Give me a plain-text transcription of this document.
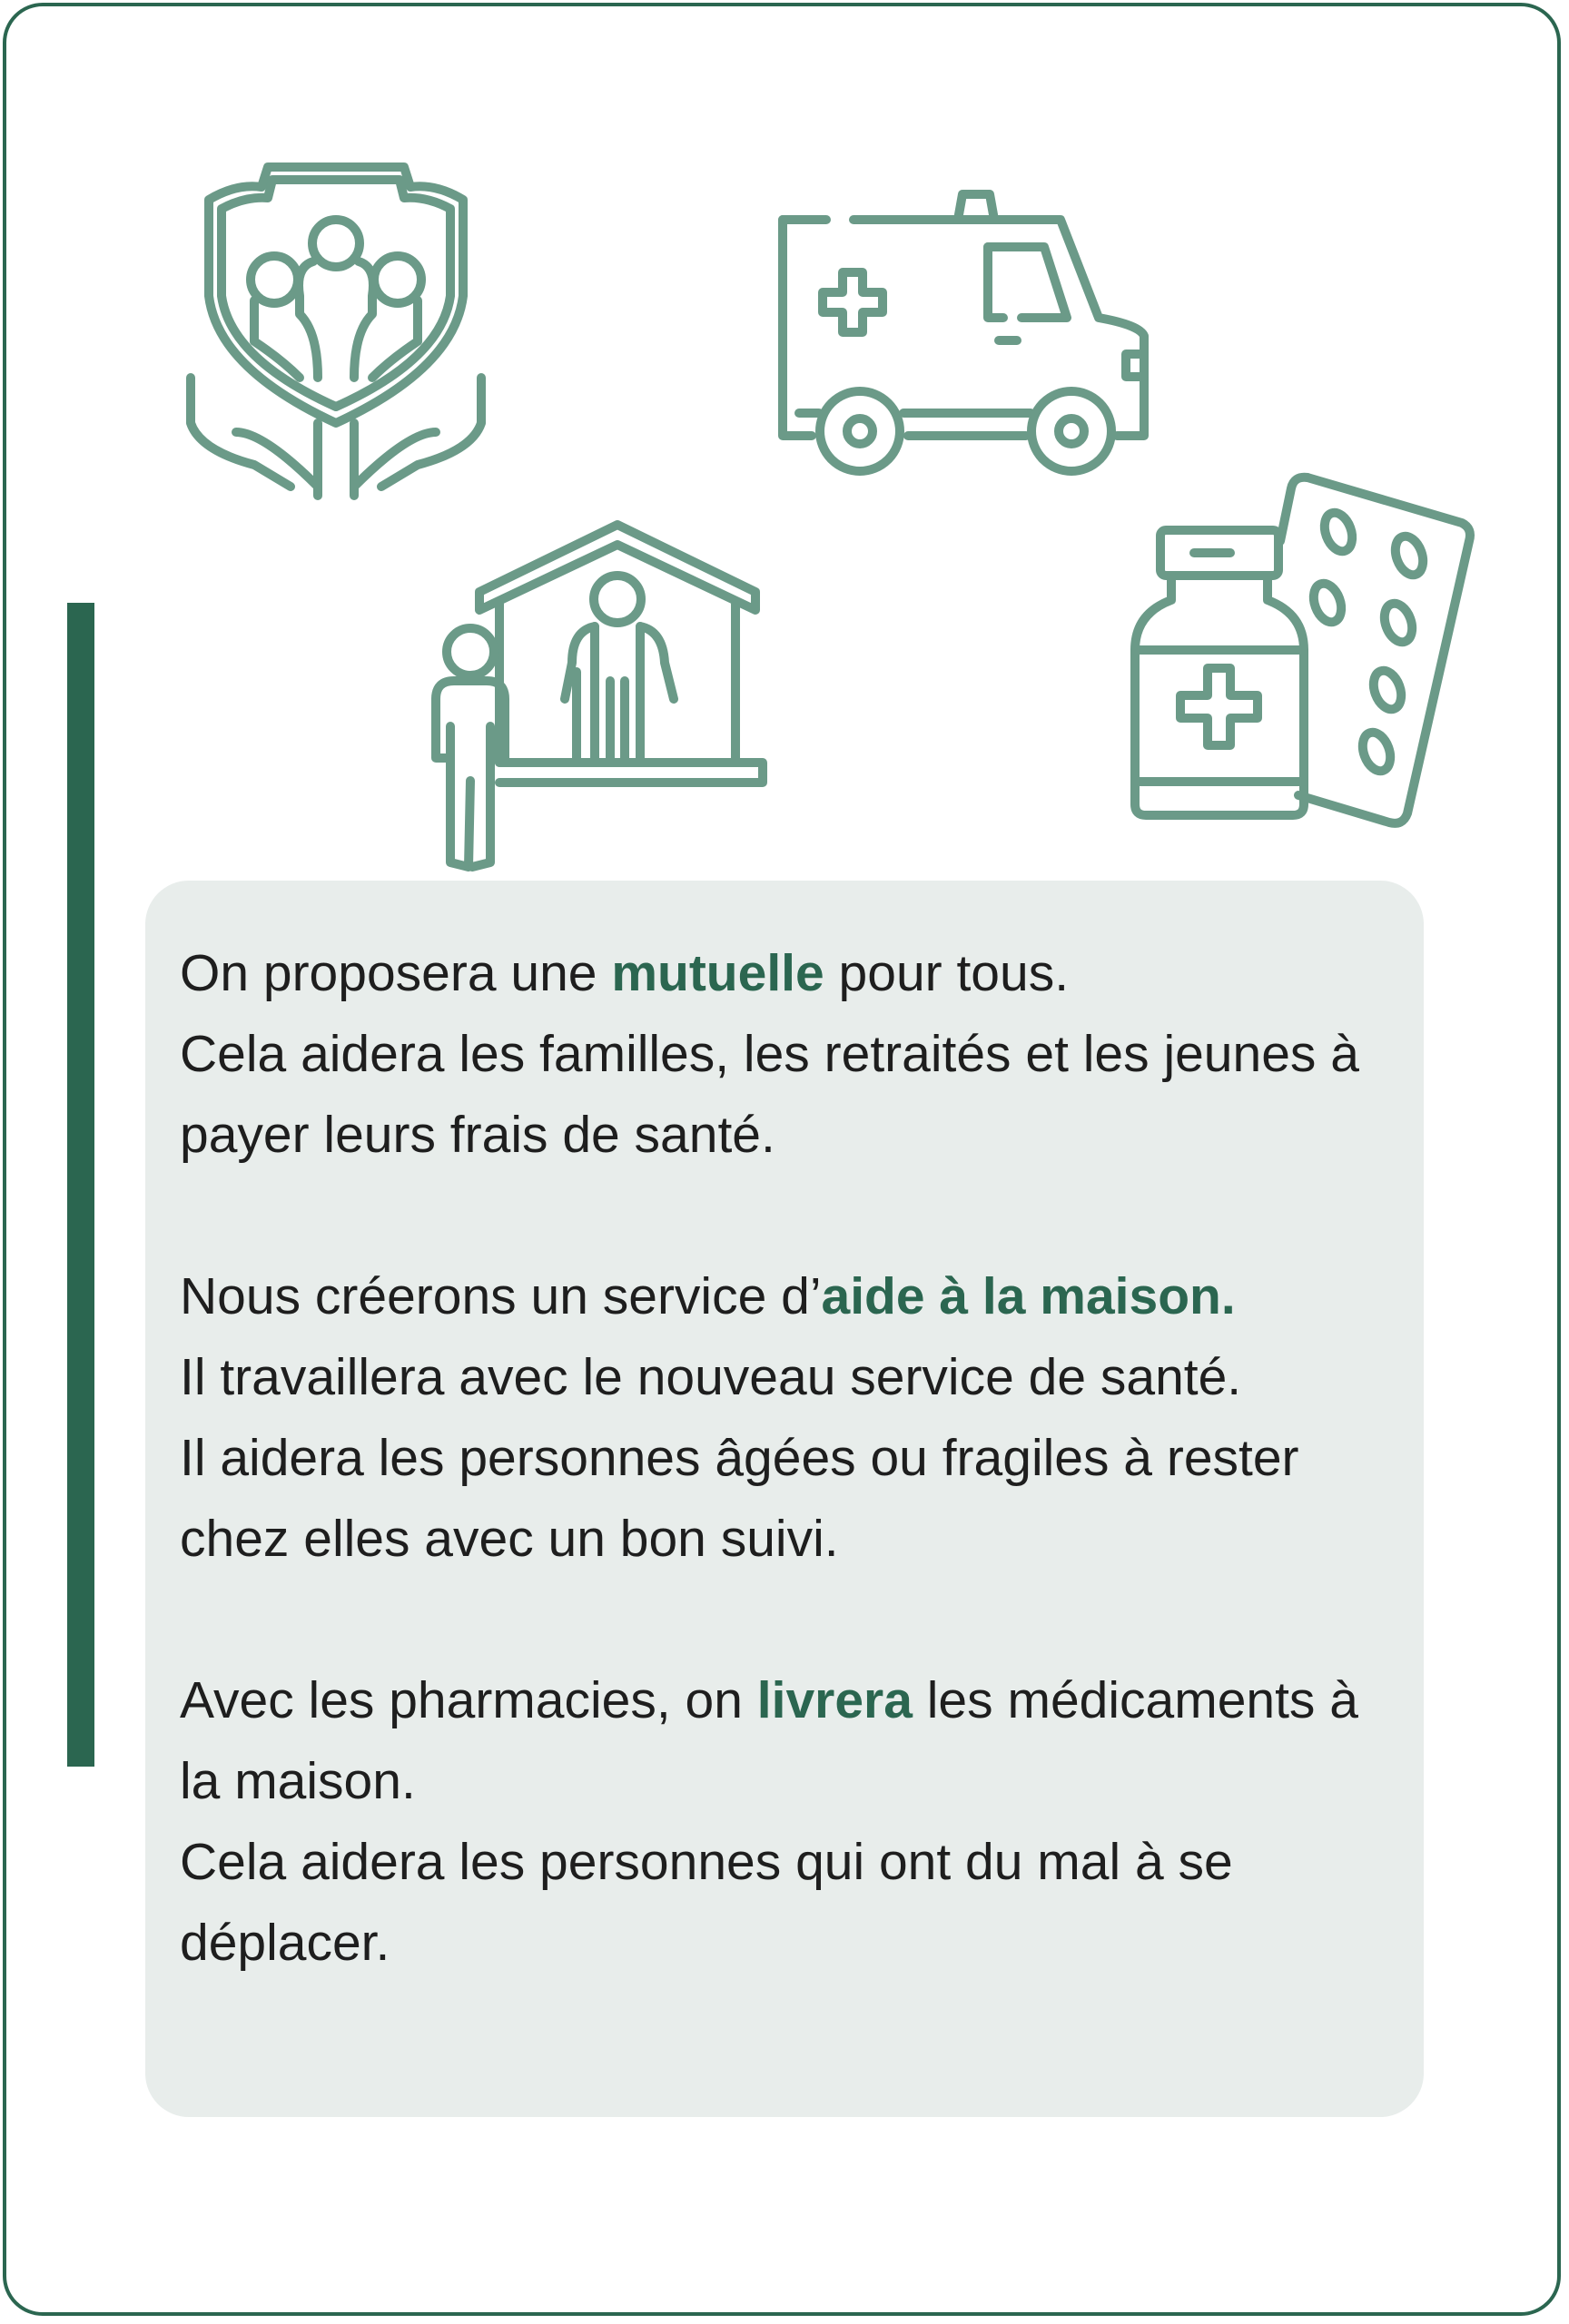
On proposera une mutuelle pour tous.
Cela aidera les familles, les retraités et les jeunes à
payer leurs frais de santé.

Nous créerons un service d’aide à la maison.
Il travaillera avec le nouveau service de santé.
Il aidera les personnes âgées ou fragiles à rester
chez elles avec un bon suivi.

Avec les pharmacies, on livrera les médicaments à
la maison.
Cela aidera les personnes qui ont du mal à se
déplacer.
